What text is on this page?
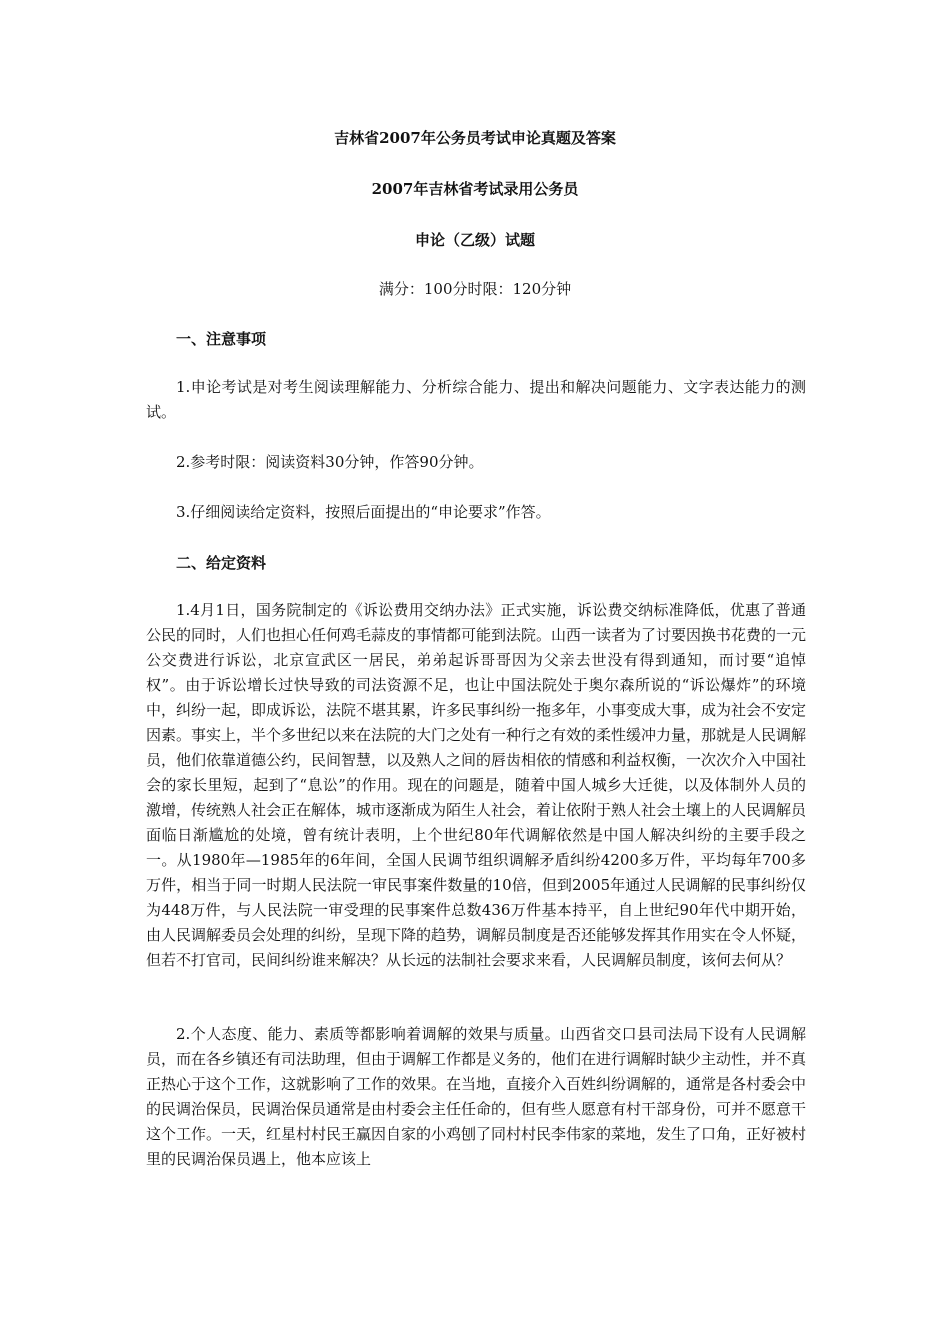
吉林省2007年公务员考试申论真题及答案
2007年吉林省考试录用公务员
申论（乙级）试题
满分：100分时限：120分钟
一、注意事项

1.申论考试是对考生阅读理解能力、分析综合能力、提出和解决问题能力、文字表达能力的测试。

2.参考时限：阅读资料30分钟，作答90分钟。

3.仔细阅读给定资料，按照后面提出的“申论要求”作答。

二、给定资料

1.4月1日，国务院制定的《诉讼费用交纳办法》正式实施，诉讼费交纳标准降低，优惠了普通公民的同时，人们也担心任何鸡毛蒜皮的事情都可能到法院。山西一读者为了讨要因换书花费的一元公交费进行诉讼，北京宣武区一居民，弟弟起诉哥哥因为父亲去世没有得到通知，而讨要“追悼权”。由于诉讼增长过快导致的司法资源不足，也让中国法院处于奥尔森所说的“诉讼爆炸”的环境中，纠纷一起，即成诉讼，法院不堪其累，许多民事纠纷一拖多年，小事变成大事，成为社会不安定因素。事实上，半个多世纪以来在法院的大门之处有一种行之有效的柔性缓冲力量，那就是人民调解员，他们依靠道德公约，民间智慧，以及熟人之间的唇齿相依的情感和利益权衡，一次次介入中国社会的家长里短，起到了“息讼”的作用。现在的问题是，随着中国人城乡大迁徙，以及体制外人员的激增，传统熟人社会正在解体，城市逐渐成为陌生人社会，着让依附于熟人社会土壤上的人民调解员面临日渐尴尬的处境，曾有统计表明，上个世纪80年代调解依然是中国人解决纠纷的主要手段之一。从1980年—1985年的6年间，全国人民调节组织调解矛盾纠纷4200多万件，平均每年700多万件，相当于同一时期人民法院一审民事案件数量的10倍，但到2005年通过人民调解的民事纠纷仅为448万件，与人民法院一审受理的民事案件总数436万件基本持平，自上世纪90年代中期开始，由人民调解委员会处理的纠纷，呈现下降的趋势，调解员制度是否还能够发挥其作用实在令人怀疑，但若不打官司，民间纠纷谁来解决？从长远的法制社会要求来看，人民调解员制度，该何去何从？

2.个人态度、能力、素质等都影响着调解的效果与质量。山西省交口县司法局下设有人民调解员，而在各乡镇还有司法助理，但由于调解工作都是义务的，他们在进行调解时缺少主动性，并不真正热心于这个工作，这就影响了工作的效果。在当地，直接介入百姓纠纷调解的，通常是各村委会中的民调治保员，民调治保员通常是由村委会主任任命的，但有些人愿意有村干部身份，可并不愿意干这个工作。一天，红星村村民王赢因自家的小鸡刨了同村村民李伟家的菜地，发生了口角，正好被村里的民调治保员遇上，他本应该上
